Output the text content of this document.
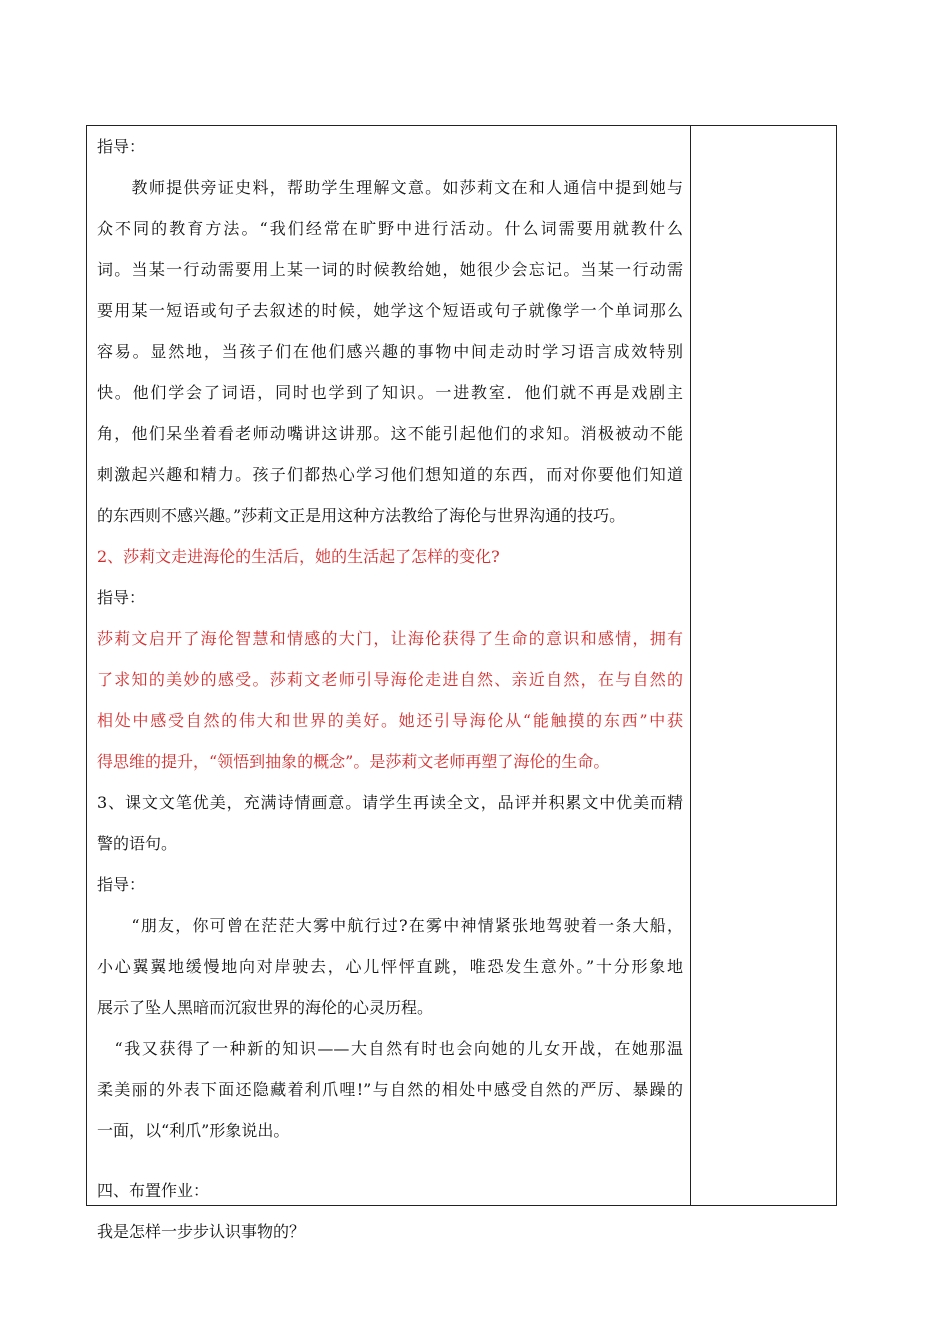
指导：
　　教师提供旁证史料，帮助学生理解文意。如莎莉文在和人通信中提到她与
众不同的教育方法。“我们经常在旷野中进行活动。什么词需要用就教什么
词。当某一行动需要用上某一词的时候教给她，她很少会忘记。当某一行动需
要用某一短语或句子去叙述的时候，她学这个短语或句子就像学一个单词那么
容易。显然地，当孩子们在他们感兴趣的事物中间走动时学习语言成效特别
快。他们学会了词语，同时也学到了知识。一进教室．他们就不再是戏剧主
角，他们呆坐着看老师动嘴讲这讲那。这不能引起他们的求知。消极被动不能
刺激起兴趣和精力。孩子们都热心学习他们想知道的东西，而对你要他们知道
的东西则不感兴趣。”莎莉文正是用这种方法教给了海伦与世界沟通的技巧。
2、莎莉文走进海伦的生活后，她的生活起了怎样的变化?
指导：
莎莉文启开了海伦智慧和情感的大门，让海伦获得了生命的意识和感情，拥有
了求知的美妙的感受。莎莉文老师引导海伦走进自然、亲近自然，在与自然的
相处中感受自然的伟大和世界的美好。她还引导海伦从“能触摸的东西”中获
得思维的提升，“领悟到抽象的概念”。是莎莉文老师再塑了海伦的生命。
3、课文文笔优美，充满诗情画意。请学生再读全文，品评并积累文中优美而精
警的语句。
指导：
　　“朋友，你可曾在茫茫大雾中航行过?在雾中神情紧张地驾驶着一条大船，
小心翼翼地缓慢地向对岸驶去，心儿怦怦直跳，唯恐发生意外。”十分形象地
展示了坠人黑暗而沉寂世界的海伦的心灵历程。
　“我又获得了一种新的知识——大自然有时也会向她的儿女开战，在她那温
柔美丽的外表下面还隐藏着利爪哩!”与自然的相处中感受自然的严厉、暴躁的
一面，以“利爪”形象说出。
四、布置作业：
我是怎样一步步认识事物的？
